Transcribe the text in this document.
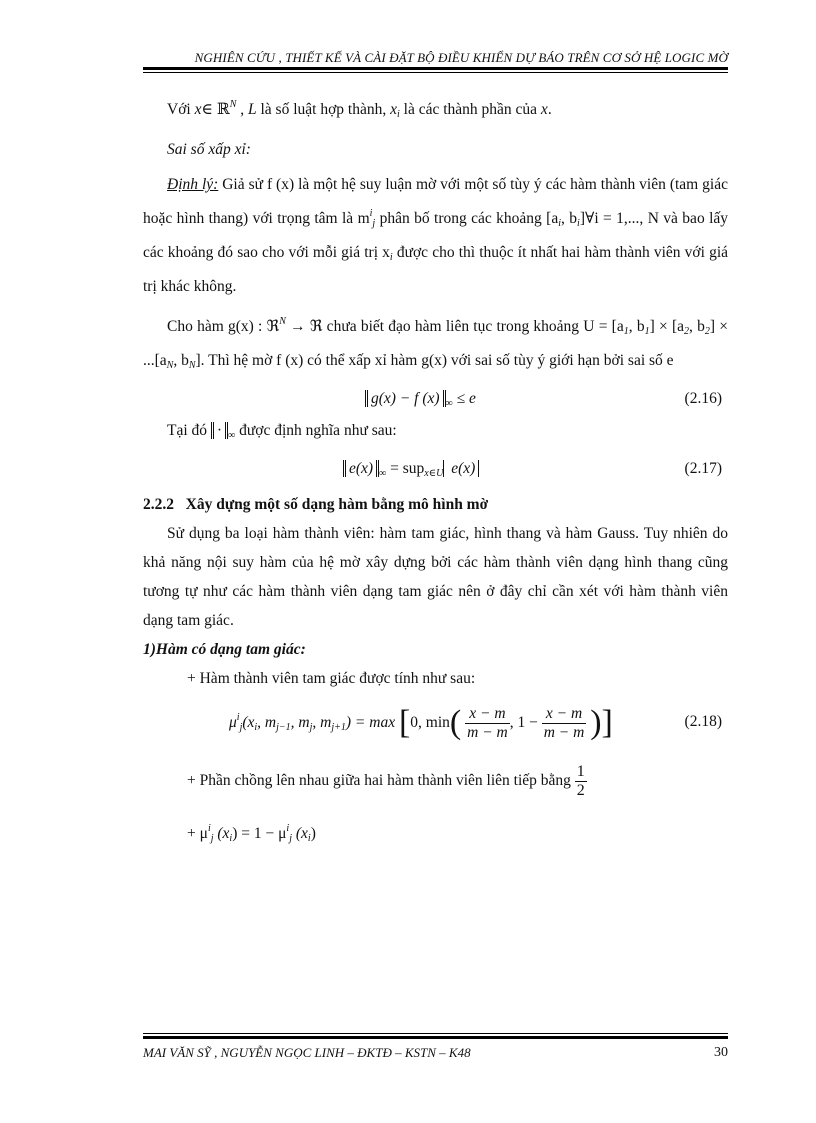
NGHIÊN CỨU , THIẾT KẾ VÀ CÀI ĐẶT BỘ ĐIỀU KHIỂN DỰ BÁO TRÊN CƠ SỞ HỆ LOGIC MỜ

Với x∈ ℝ$^N$ , L là số luật hợp thành, $x_i$ là các thành phần của x.

Sai số xấp xỉ:

Định lý: Giả sử f (x) là một hệ suy luận mờ với một số tùy ý các hàm thành viên (tam giác hoặc hình thang) với trọng tâm là $m^i_j$ phân bố trong các khoảng [$a_i$, $b_i]\forall i = 1$,..., N và bao lấy các khoảng đó sao cho với mỗi giá trị $x_i$ được cho thì thuộc ít nhất hai hàm thành viên với giá trị khác không.

Cho hàm g(x) : ℜ$^N$ → ℜ chưa biết đạo hàm liên tục trong khoảng $U = [a_1$, $b_1] \times [a_2$, $b_2] \times ...[a_N$, $b_N$]. Thì hệ mờ f (x) có thể xấp xỉ hàm g(x) với sai số tùy ý giới hạn bởi sai số e

g(x) − f (x) $_\infty$ ≤ e	(2.16)

Tại đó · $_\infty$ được định nghĩa như sau:

e(x) $_\infty$ = sup$_{x\in U}$ e(x)	(2.17)

2.2.2 Xây dựng một số dạng hàm bằng mô hình mờ

Sử dụng ba loại hàm thành viên: hàm tam giác, hình thang và hàm Gauss. Tuy nhiên do khả năng nội suy hàm của hệ mờ xây dựng bởi các hàm thành viên dạng hình thang cũng tương tự như các hàm thành viên dạng tam giác nên ở đây chỉ cần xét với hàm thành viên dạng tam giác.

1)Hàm có dạng tam giác:

+ Hàm thành viên tam giác được tính như sau:

$\mu^i_j(x_i$, $m_{j-1}$, $m_j$, $m_{j+1}) = \max [0$, $\min( \frac{x - m}{m - m}$ , $1 - \frac{x - m}{m - m}$ )]	(2.18)

+ Phần chồng lên nhau giữa hai hàm thành viên liên tiếp bằng $\frac{1}{2}$

+ $\mu^i_j$ $(x_i) = 1 - \mu^i_j$ $(x_i)$

MAI VĂN SỸ , NGUYỄN NGỌC LINH – ĐKTĐ – KSTN – K48	30
